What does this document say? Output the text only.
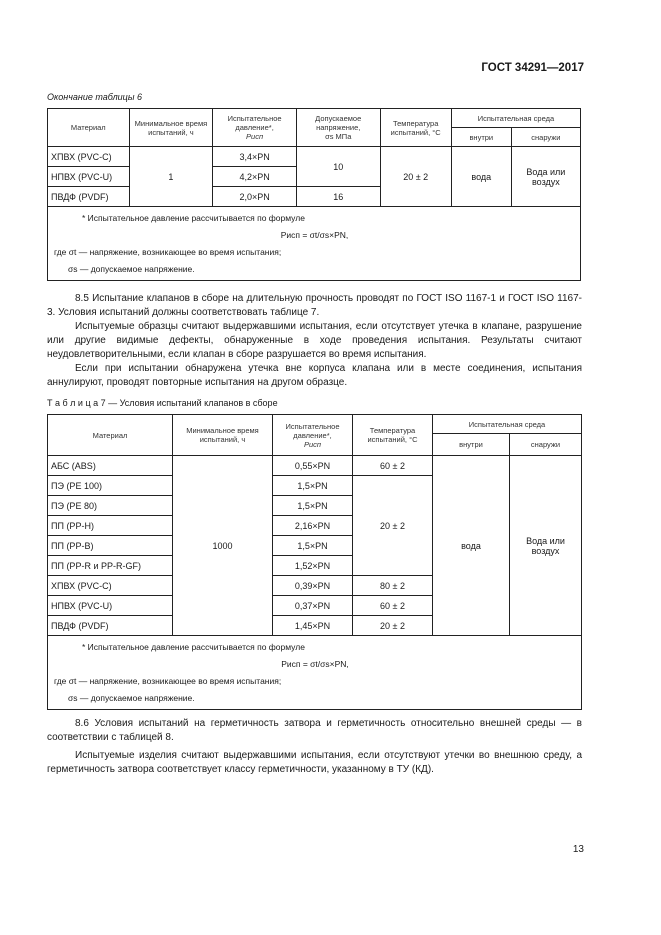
ГОСТ 34291—2017
Окончание таблицы 6
Материал	Минимальное время испытаний, ч	Испытательное давление*,
Рисп	Допускаемое напряжение,
σs МПа	Температура испытаний, °С	Испытательная среда	
					внутри	снаружи
ХПВХ (PVC-C)	1	3,4×PN	10	20 ± 2	вода	Вода или воздух
НПВХ (PVC-U)		4,2×PN				
ПВДФ (PVDF)		2,0×PN	16			

* Испытательное давление рассчитывается по формуле
Рисп = σt/σs×PN,
где σt — напряжение, возникающее во время испытания;
σs — допускаемое напряжение.						

8.5 Испытание клапанов в сборе на длительную прочность проводят по ГОСТ ISO 1167-1 и ГОСТ ISO 1167-3. Условия испытаний должны соответствовать таблице 7.

Испытуемые образцы считают выдержавшими испытания, если отсутствует утечка в клапане, разрушение или другие видимые дефекты, обнаруженные в ходе проведения испытания. Результаты считают неудовлетворительными, если клапан в сборе разрушается во время испытания.

Если при испытании обнаружена утечка вне корпуса клапана или в месте соединения, испытания аннулируют, проводят повторные испытания на другом образце.

Т а б л и ц а 7 — Условия испытаний клапанов в сборе
Материал	Минимальное время испытаний, ч	Испытательное давление*,
Рисп	Температура испытаний, °С	Испытательная среда	
				внутри	снаружи
АБС (ABS)	1000	0,55×PN	60 ± 2	вода	Вода или воздух
ПЭ (PE 100)		1,5×PN	20 ± 2		
ПЭ (PE 80)		1,5×PN			
ПП (PP-H)		2,16×PN			
ПП (PP-B)		1,5×PN			
ПП (PP-R и PP-R-GF)		1,52×PN			
ХПВХ (PVC-C)		0,39×PN	80 ± 2		
НПВХ (PVC-U)		0,37×PN	60 ± 2		
ПВДФ (PVDF)		1,45×PN	20 ± 2		

* Испытательное давление рассчитывается по формуле
Рисп = σt/σs×PN,
где σt — напряжение, возникающее во время испытания;
σs — допускаемое напряжение.					

8.6 Условия испытаний на герметичность затвора и герметичность относительно внешней среды — в соответствии с таблицей 8.

Испытуемые изделия считают выдержавшими испытания, если отсутствуют утечки во внешнюю среду, а герметичность затвора соответствует классу герметичности, указанному в ТУ (КД).

13
